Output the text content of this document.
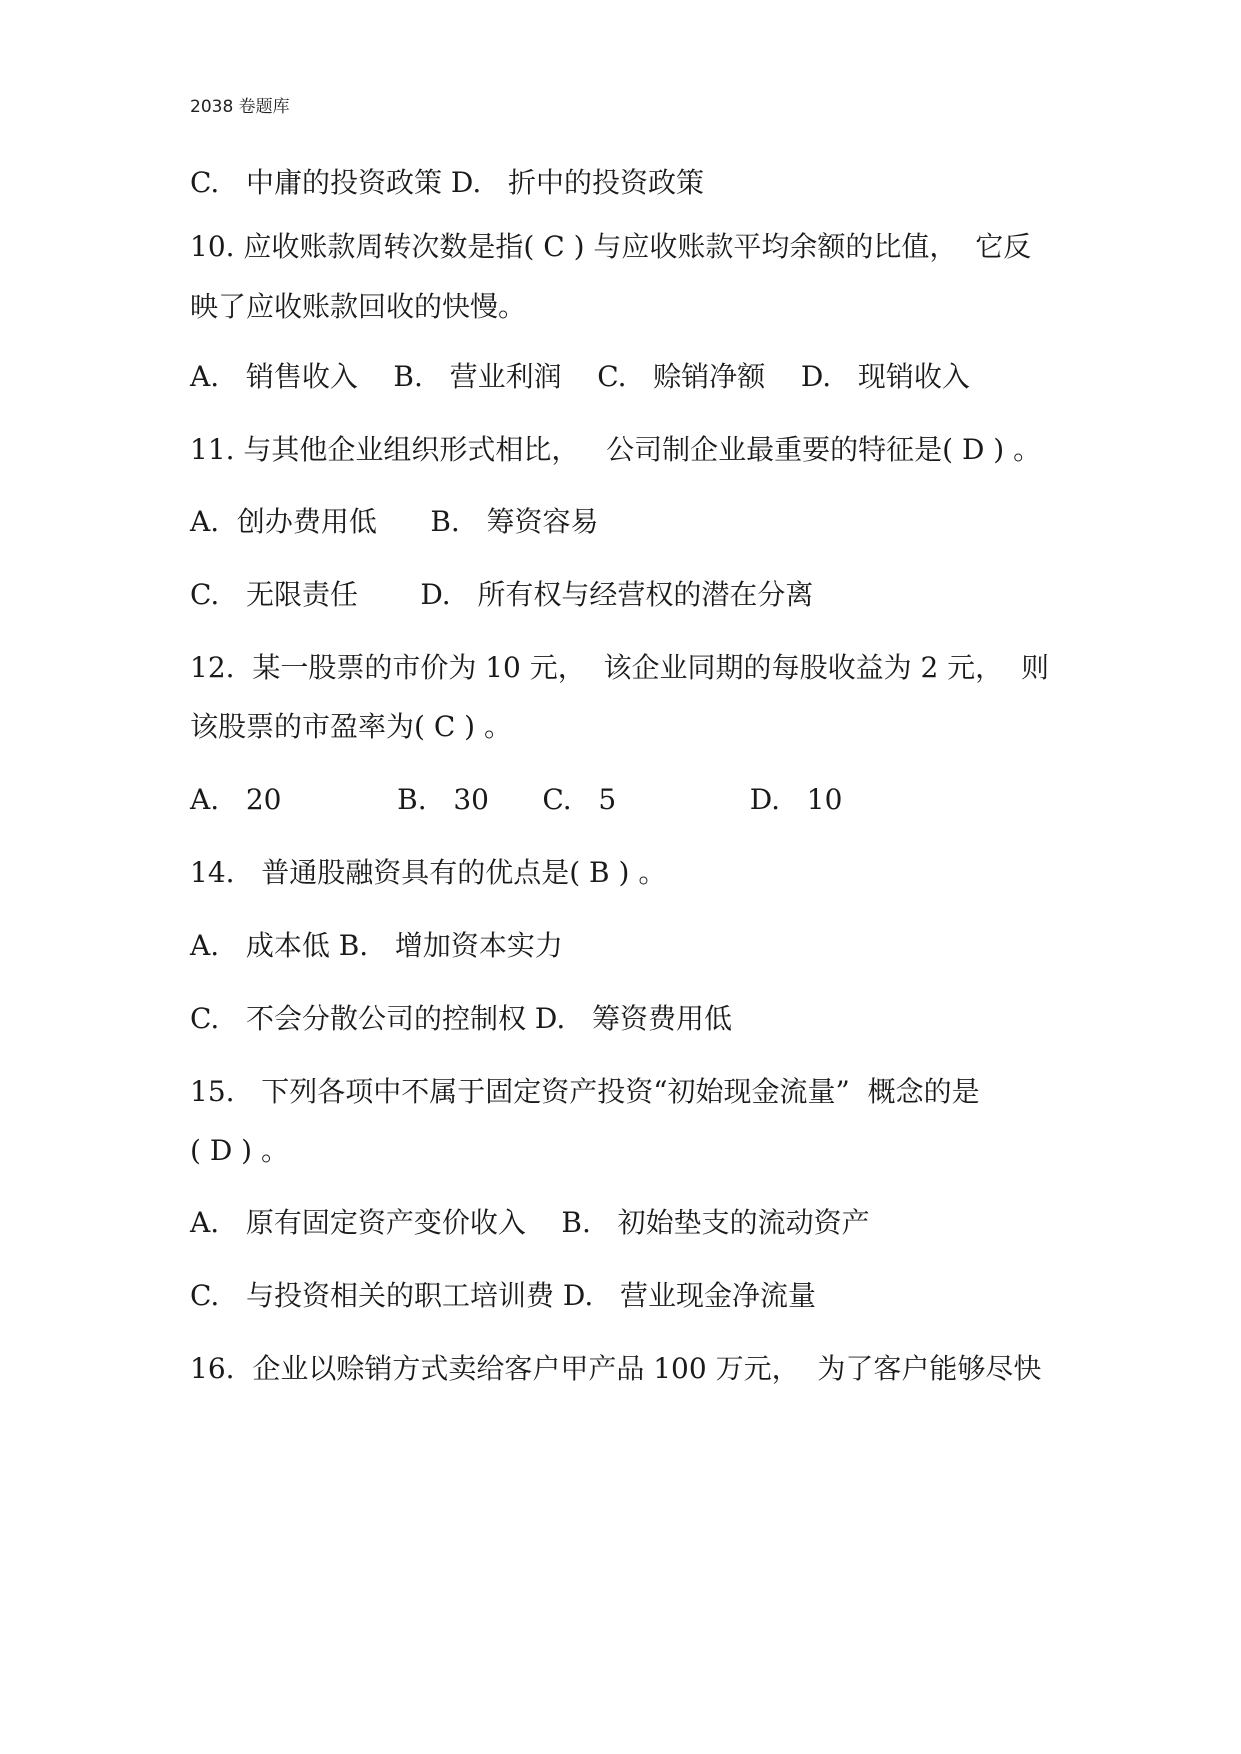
2038 卷题库
C.   中庸的投资政策 D.   折中的投资政策
10. 应收账款周转次数是指( C ) 与应收账款平均余额的比值，  它反
映了应收账款回收的快慢。
A.   销售收入    B.   营业利润    C.   赊销净额    D.   现销收入
11. 与其他企业组织形式相比，   公司制企业最重要的特征是( D ) 。
A.  创办费用低      B.   筹资容易
C.   无限责任       D.   所有权与经营权的潜在分离
12.  某一股票的市价为 10 元，  该企业同期的每股收益为 2 元，  则
该股票的市盈率为( C ) 。
A.   20             B.   30      C.   5               D.   10
14.   普通股融资具有的优点是( B ) 。
A.   成本低 B.   增加资本实力
C.   不会分散公司的控制权 D.   筹资费用低
15.   下列各项中不属于固定资产投资“初始现金流量”  概念的是
( D ) 。
A.   原有固定资产变价收入    B.   初始垫支的流动资产
C.   与投资相关的职工培训费 D.   营业现金净流量
16.  企业以赊销方式卖给客户甲产品 100 万元，  为了客户能够尽快
